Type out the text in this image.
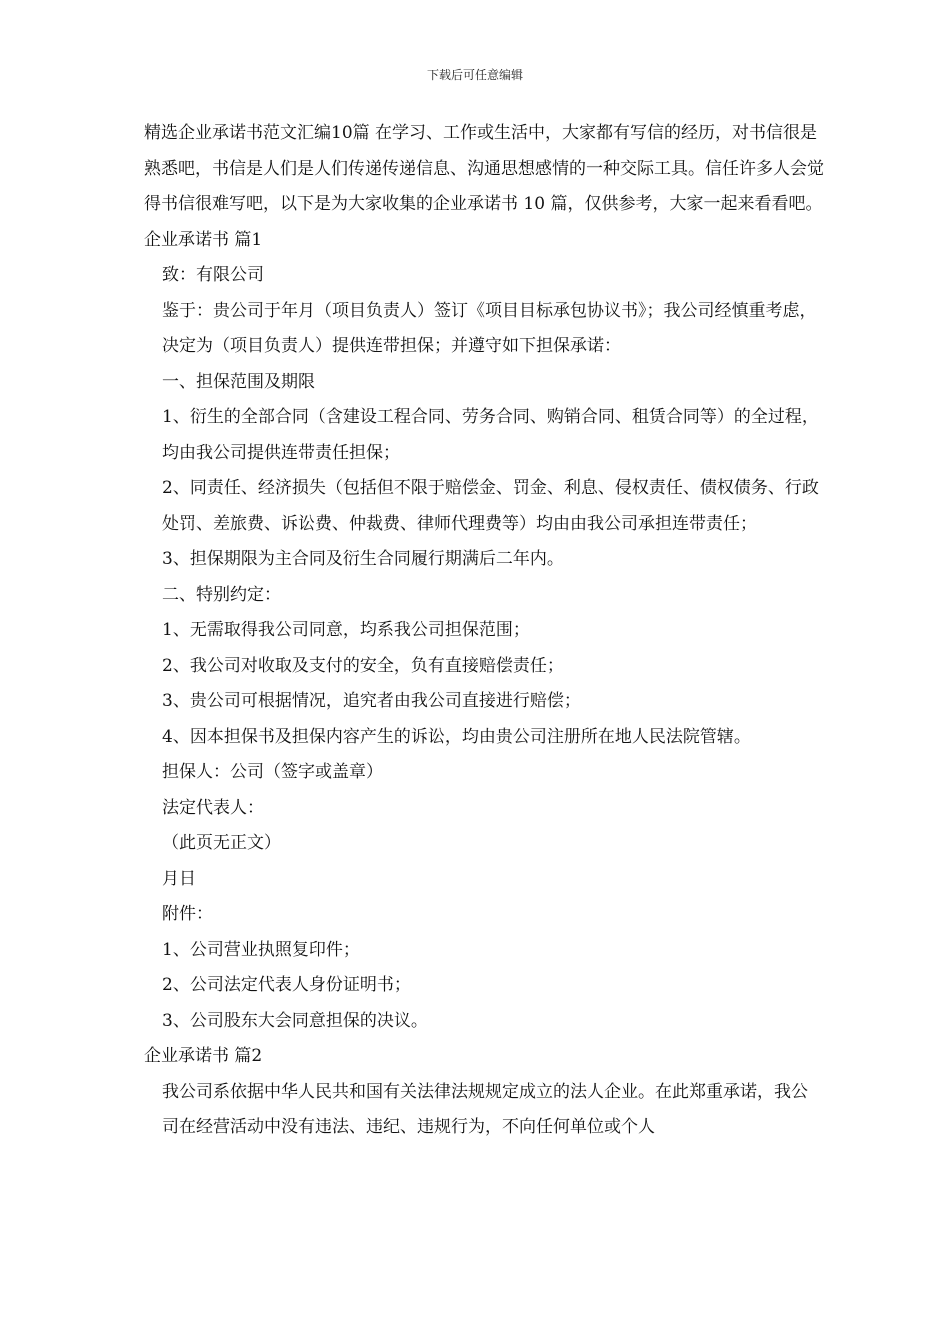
下载后可任意编辑

精选企业承诺书范文汇编10篇 在学习、工作或生活中，大家都有写信的经历，对书信很是熟悉吧，书信是人们是人们传递传递信息、沟通思想感情的一种交际工具。信任许多人会觉得书信很难写吧，以下是为大家收集的企业承诺书 10 篇，仅供参考，大家一起来看看吧。企业承诺书 篇1

致：有限公司

鉴于：贵公司于年月（项目负责人）签订《项目目标承包协议书》；我公司经慎重考虑，决定为（项目负责人）提供连带担保；并遵守如下担保承诺：

一、担保范围及期限

1、衍生的全部合同（含建设工程合同、劳务合同、购销合同、租赁合同等）的全过程，均由我公司提供连带责任担保；

2、同责任、经济损失（包括但不限于赔偿金、罚金、利息、侵权责任、债权债务、行政处罚、差旅费、诉讼费、仲裁费、律师代理费等）均由由我公司承担连带责任；

3、担保期限为主合同及衍生合同履行期满后二年内。

二、特别约定：

1、无需取得我公司同意，均系我公司担保范围；

2、我公司对收取及支付的安全，负有直接赔偿责任；

3、贵公司可根据情况，追究者由我公司直接进行赔偿；

4、因本担保书及担保内容产生的诉讼，均由贵公司注册所在地人民法院管辖。

担保人：公司（签字或盖章）

法定代表人：

（此页无正文）

月日

附件：

1、公司营业执照复印件；

2、公司法定代表人身份证明书；

3、公司股东大会同意担保的决议。

企业承诺书 篇2

我公司系依据中华人民共和国有关法律法规规定成立的法人企业。在此郑重承诺，我公司在经营活动中没有违法、违纪、违规行为，不向任何单位或个人
